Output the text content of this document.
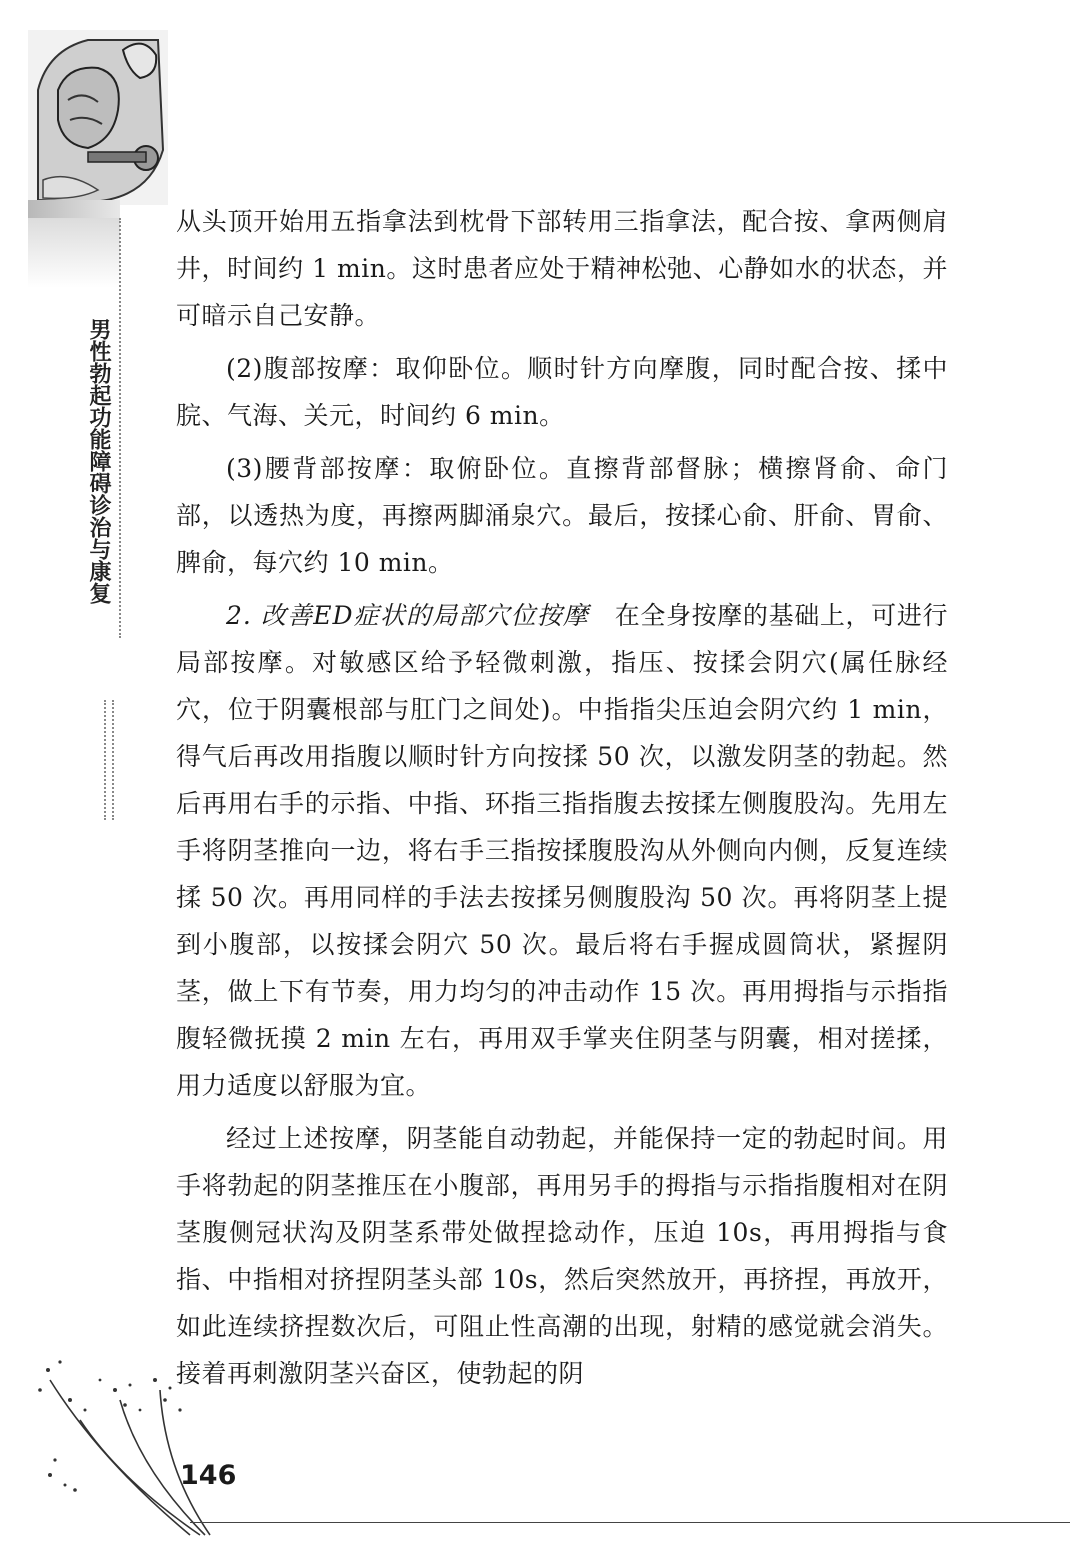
男性勃起功能障碍诊治与康复

从头顶开始用五指拿法到枕骨下部转用三指拿法，配合按、拿两侧肩井，时间约 1 min。这时患者应处于精神松弛、心静如水的状态，并可暗示自己安静。

(2)腹部按摩：取仰卧位。顺时针方向摩腹，同时配合按、揉中脘、气海、关元，时间约 6 min。

(3)腰背部按摩：取俯卧位。直擦背部督脉；横擦肾俞、命门部，以透热为度，再擦两脚涌泉穴。最后，按揉心俞、肝俞、胃俞、脾俞，每穴约 10 min。

2. 改善ED症状的局部穴位按摩　 在全身按摩的基础上，可进行局部按摩。对敏感区给予轻微刺激，指压、按揉会阴穴(属任脉经穴，位于阴囊根部与肛门之间处)。中指指尖压迫会阴穴约 1 min，得气后再改用指腹以顺时针方向按揉 50 次，以激发阴茎的勃起。然后再用右手的示指、中指、环指三指指腹去按揉左侧腹股沟。先用左手将阴茎推向一边，将右手三指按揉腹股沟从外侧向内侧，反复连续揉 50 次。再用同样的手法去按揉另侧腹股沟 50 次。再将阴茎上提到小腹部，以按揉会阴穴 50 次。最后将右手握成圆筒状，紧握阴茎，做上下有节奏，用力均匀的冲击动作 15 次。再用拇指与示指指腹轻微抚摸 2 min 左右，再用双手掌夹住阴茎与阴囊，相对搓揉，用力适度以舒服为宜。

经过上述按摩，阴茎能自动勃起，并能保持一定的勃起时间。用手将勃起的阴茎推压在小腹部，再用另手的拇指与示指指腹相对在阴茎腹侧冠状沟及阴茎系带处做捏捻动作，压迫 10s，再用拇指与食指、中指相对挤捏阴茎头部 10s，然后突然放开，再挤捏，再放开，如此连续挤捏数次后，可阻止性高潮的出现，射精的感觉就会消失。接着再刺激阴茎兴奋区，使勃起的阴

146
